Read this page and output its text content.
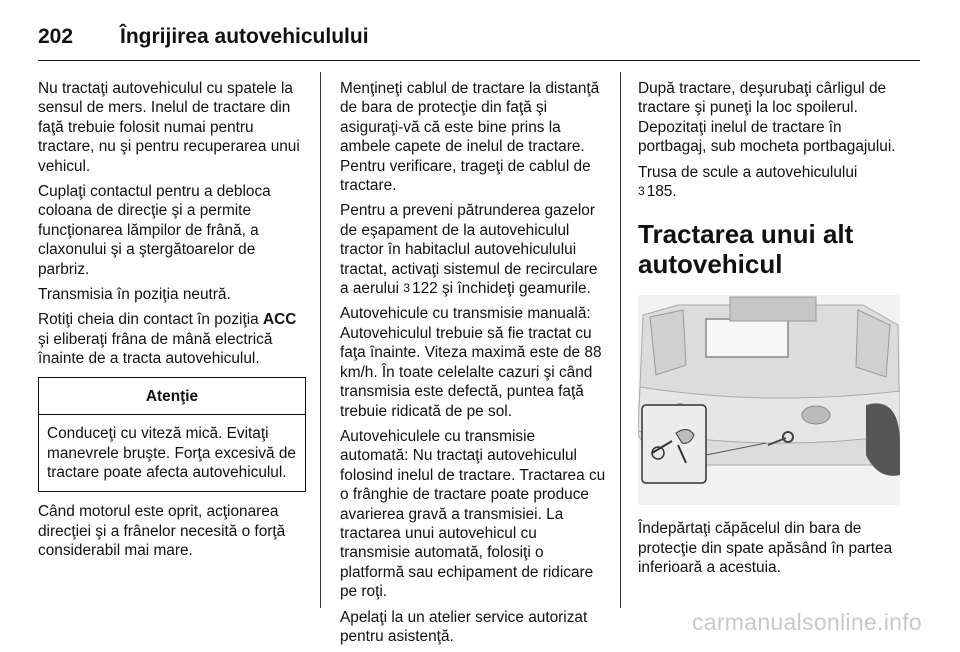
202	Îngrijirea autovehiculului

Nu tractaţi autovehiculul cu spatele la sensul de mers. Inelul de tractare din faţă trebuie folosit numai pentru tractare, nu şi pentru recuperarea unui vehicul.

Cuplaţi contactul pentru a debloca coloana de direcţie şi a permite funcţionarea lămpilor de frână, a claxonului şi a ştergătoarelor de parbriz.

Transmisia în poziţia neutră.

Rotiţi cheia din contact în poziţia ACC şi eliberaţi frâna de mână electrică înainte de a tracta autovehiculul.

Atenţie
Conduceţi cu viteză mică. Evitaţi manevrele bruşte. Forţa excesivă de tractare poate afecta autovehiculul.

Când motorul este oprit, acţionarea direcţiei şi a frânelor necesită o forţă considerabil mai mare.

Menţineţi cablul de tractare la distanţă de bara de protecţie din faţă şi asiguraţi-vă că este bine prins la ambele capete de inelul de tractare. Pentru verificare, trageţi de cablul de tractare.

Pentru a preveni pătrunderea gazelor de eşapament de la autovehiculul tractor în habitaclul autovehiculului tractat, activaţi sistemul de recirculare a aerului 3 122 şi închideţi geamurile.

Autovehicule cu transmisie manuală: Autovehiculul trebuie să fie tractat cu faţa înainte. Viteza maximă este de 88 km/h. În toate celelalte cazuri şi când transmisia este defectă, puntea faţă trebuie ridicată de pe sol.

Autovehiculele cu transmisie automată: Nu tractaţi autovehiculul folosind inelul de tractare. Tractarea cu o frânghie de tractare poate produce avarierea gravă a transmisiei. La tractarea unui autovehicul cu transmisie automată, folosiţi o platformă sau echipament de ridicare pe roţi.

Apelaţi la un atelier service autorizat pentru asistenţă.

După tractare, deşurubaţi cârligul de tractare şi puneţi la loc spoilerul. Depozitaţi inelul de tractare în portbagaj, sub mocheta portbagajului.

Trusa de scule a autovehiculului
3 185.

Tractarea unui alt autovehicul

Îndepărtaţi căpăcelul din bara de protecţie din spate apăsând în partea inferioară a acestuia.

carmanualsonline.info
